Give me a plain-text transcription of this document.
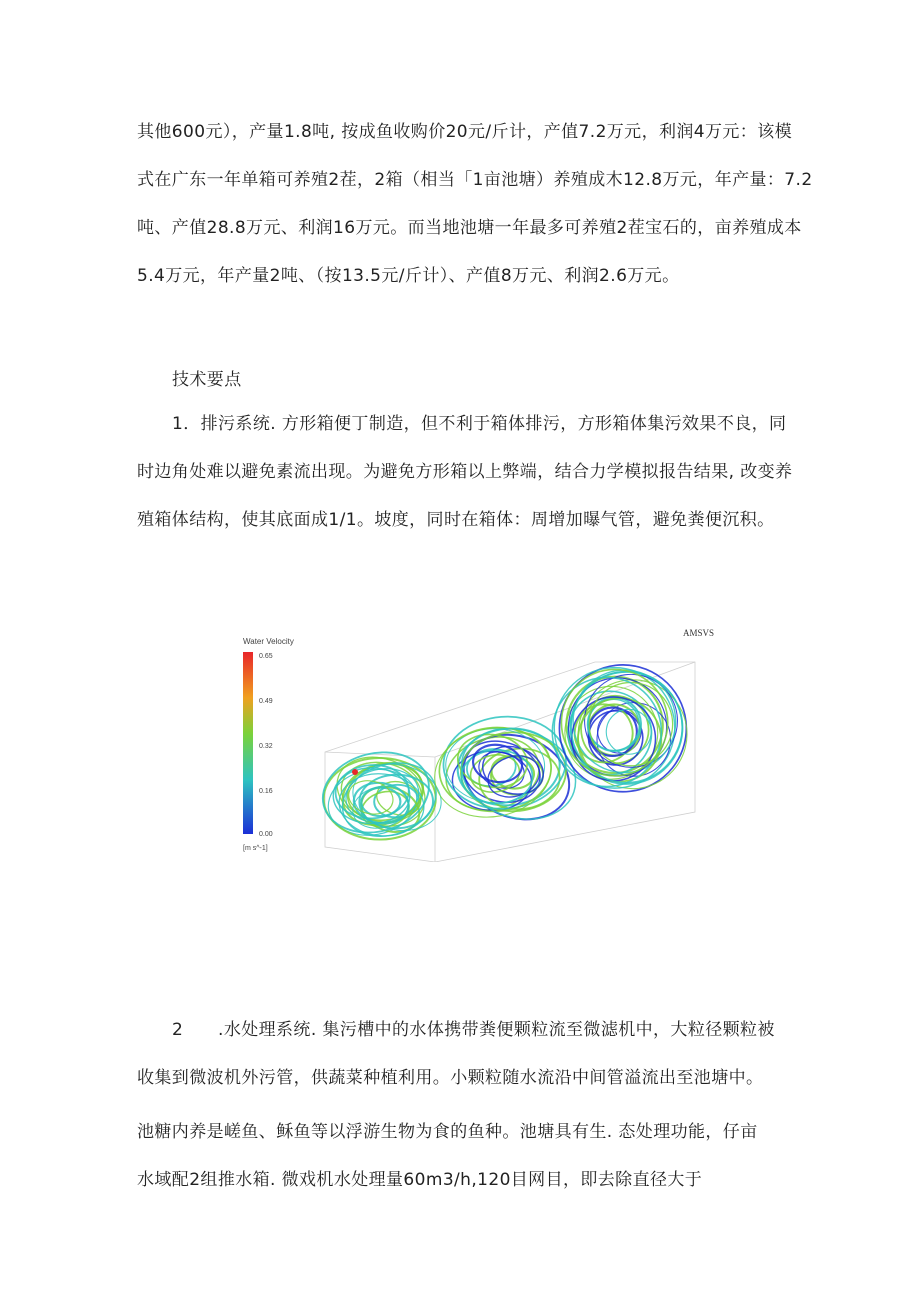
其他600元），产量1.8吨, 按成鱼收购价20元/斤计，产值7.2万元，利润4万元：该模
式在广东一年单箱可养殖2茬，2箱（相当「1亩池塘）养殖成木12.8万元，年产量：7.2
吨、产值28.8万元、利润16万元。而当地池塘一年最多可养殖2茬宝石的，亩养殖成本
5.4万元，年产量2吨、（按13.5元/斤计）、产值8万元、利润2.6万元。
技术要点
1．排污系统. 方形箱便丁制造，但不利于箱体排污，方形箱体集污效果不良，同
时边角处难以避免素流出现。为避免方形箱以上弊端，结合力学模拟报告结果, 改变养
殖箱体结构，使其底面成1/1。坡度，同时在箱体：周增加曝气管，避免粪便沉积。
Water Velocity
0.65
0.49
0.32
0.16
0.00
[m s^-1]
AMSVS
2　　.水处理系统. 集污槽中的水体携带粪便颗粒流至微滤机中，大粒径颗粒被
收集到微波机外污管，供蔬菜种植利用。小颗粒随水流沿中间管溢流出至池塘中。
池糖内养是嵯鱼、稣鱼等以浮游生物为食的鱼种。池塘具有生. 态处理功能，仔亩
水域配2组推水箱. 微戏机水处理量60m3/h,120目网目，即去除直径大于
